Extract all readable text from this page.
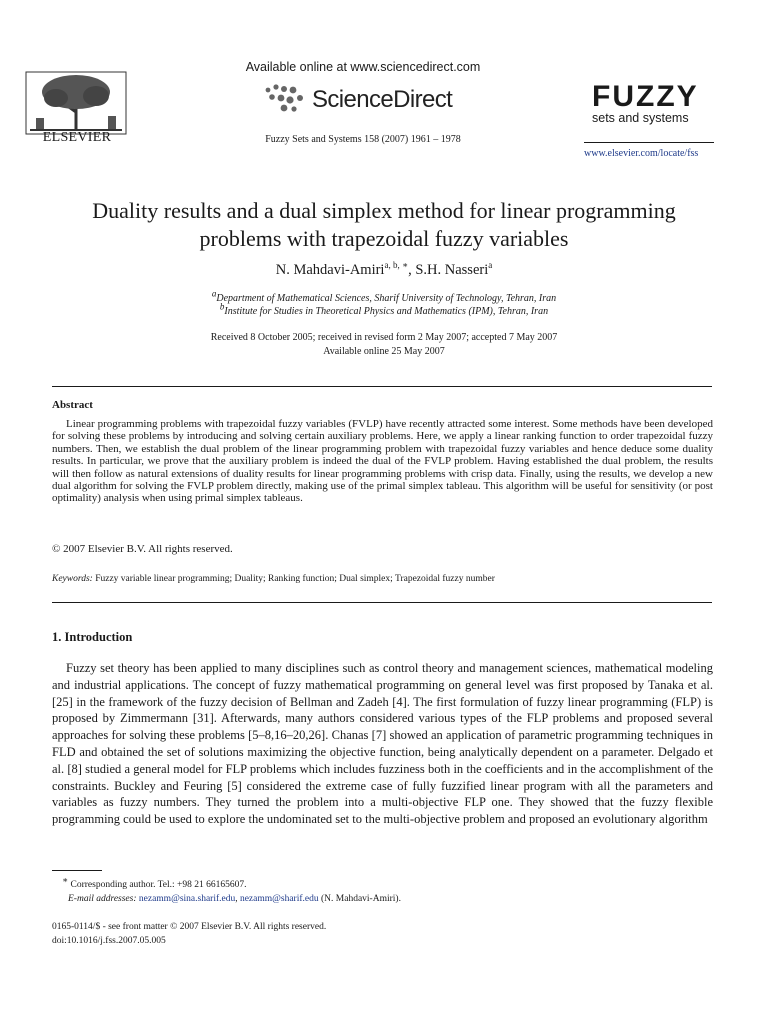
ELSEVIER
Available online at www.sciencedirect.com
ScienceDirect
Fuzzy Sets and Systems 158 (2007) 1961 – 1978
FUZZY
sets and systems
www.elsevier.com/locate/fss
Duality results and a dual simplex method for linear programming
problems with trapezoidal fuzzy variables
N. Mahdavi-Amiri$^{a, b, ∗}$, S.H. Nasseri$^a$
$^a$Department of Mathematical Sciences, Sharif University of Technology, Tehran, Iran
$^b$Institute for Studies in Theoretical Physics and Mathematics (IPM), Tehran, Iran
Received 8 October 2005; received in revised form 2 May 2007; accepted 7 May 2007
Available online 25 May 2007
Abstract
Linear programming problems with trapezoidal fuzzy variables (FVLP) have recently attracted some interest. Some methods have been developed for solving these problems by introducing and solving certain auxiliary problems. Here, we apply a linear ranking function to order trapezoidal fuzzy numbers. Then, we establish the dual problem of the linear programming problem with trapezoidal fuzzy variables and hence deduce some duality results. In particular, we prove that the auxiliary problem is indeed the dual of the FVLP problem. Having established the dual problem, the results will then follow as natural extensions of duality results for linear programming problems with crisp data. Finally, using the results, we develop a new dual algorithm for solving the FVLP problem directly, making use of the primal simplex tableau. This algorithm will be useful for sensitivity (or post optimality) analysis when using primal simplex tableaus.
© 2007 Elsevier B.V. All rights reserved.
Keywords: Fuzzy variable linear programming; Duality; Ranking function; Dual simplex; Trapezoidal fuzzy number
1. Introduction
Fuzzy set theory has been applied to many disciplines such as control theory and management sciences, mathematical modeling and industrial applications. The concept of fuzzy mathematical programming on general level was first proposed by Tanaka et al. [25] in the framework of the fuzzy decision of Bellman and Zadeh [4]. The first formulation of fuzzy linear programming (FLP) is proposed by Zimmermann [31]. Afterwards, many authors considered various types of the FLP problems and proposed several approaches for solving these problems [5–8,16–20,26]. Chanas [7] showed an application of parametric programming techniques in FLD and obtained the set of solutions maximizing the objective function, being analytically dependent on a parameter. Delgado et al. [8] studied a general model for FLP problems which includes fuzziness both in the coefficients and in the accomplishment of the constraints. Buckley and Feuring [5] considered the extreme case of fully fuzzified linear program with all the parameters and variables as fuzzy numbers. They turned the problem into a multi-objective FLP one. They showed that the fuzzy flexible programming could be used to explore the undominated set to the multi-objective problem and proposed an evolutionary algorithm
∗ Corresponding author. Tel.: +98 21 66165607.
E-mail addresses: nezamm@sina.sharif.edu, nezamm@sharif.edu (N. Mahdavi-Amiri).
0165-0114/$ - see front matter © 2007 Elsevier B.V. All rights reserved.
doi:10.1016/j.fss.2007.05.005
